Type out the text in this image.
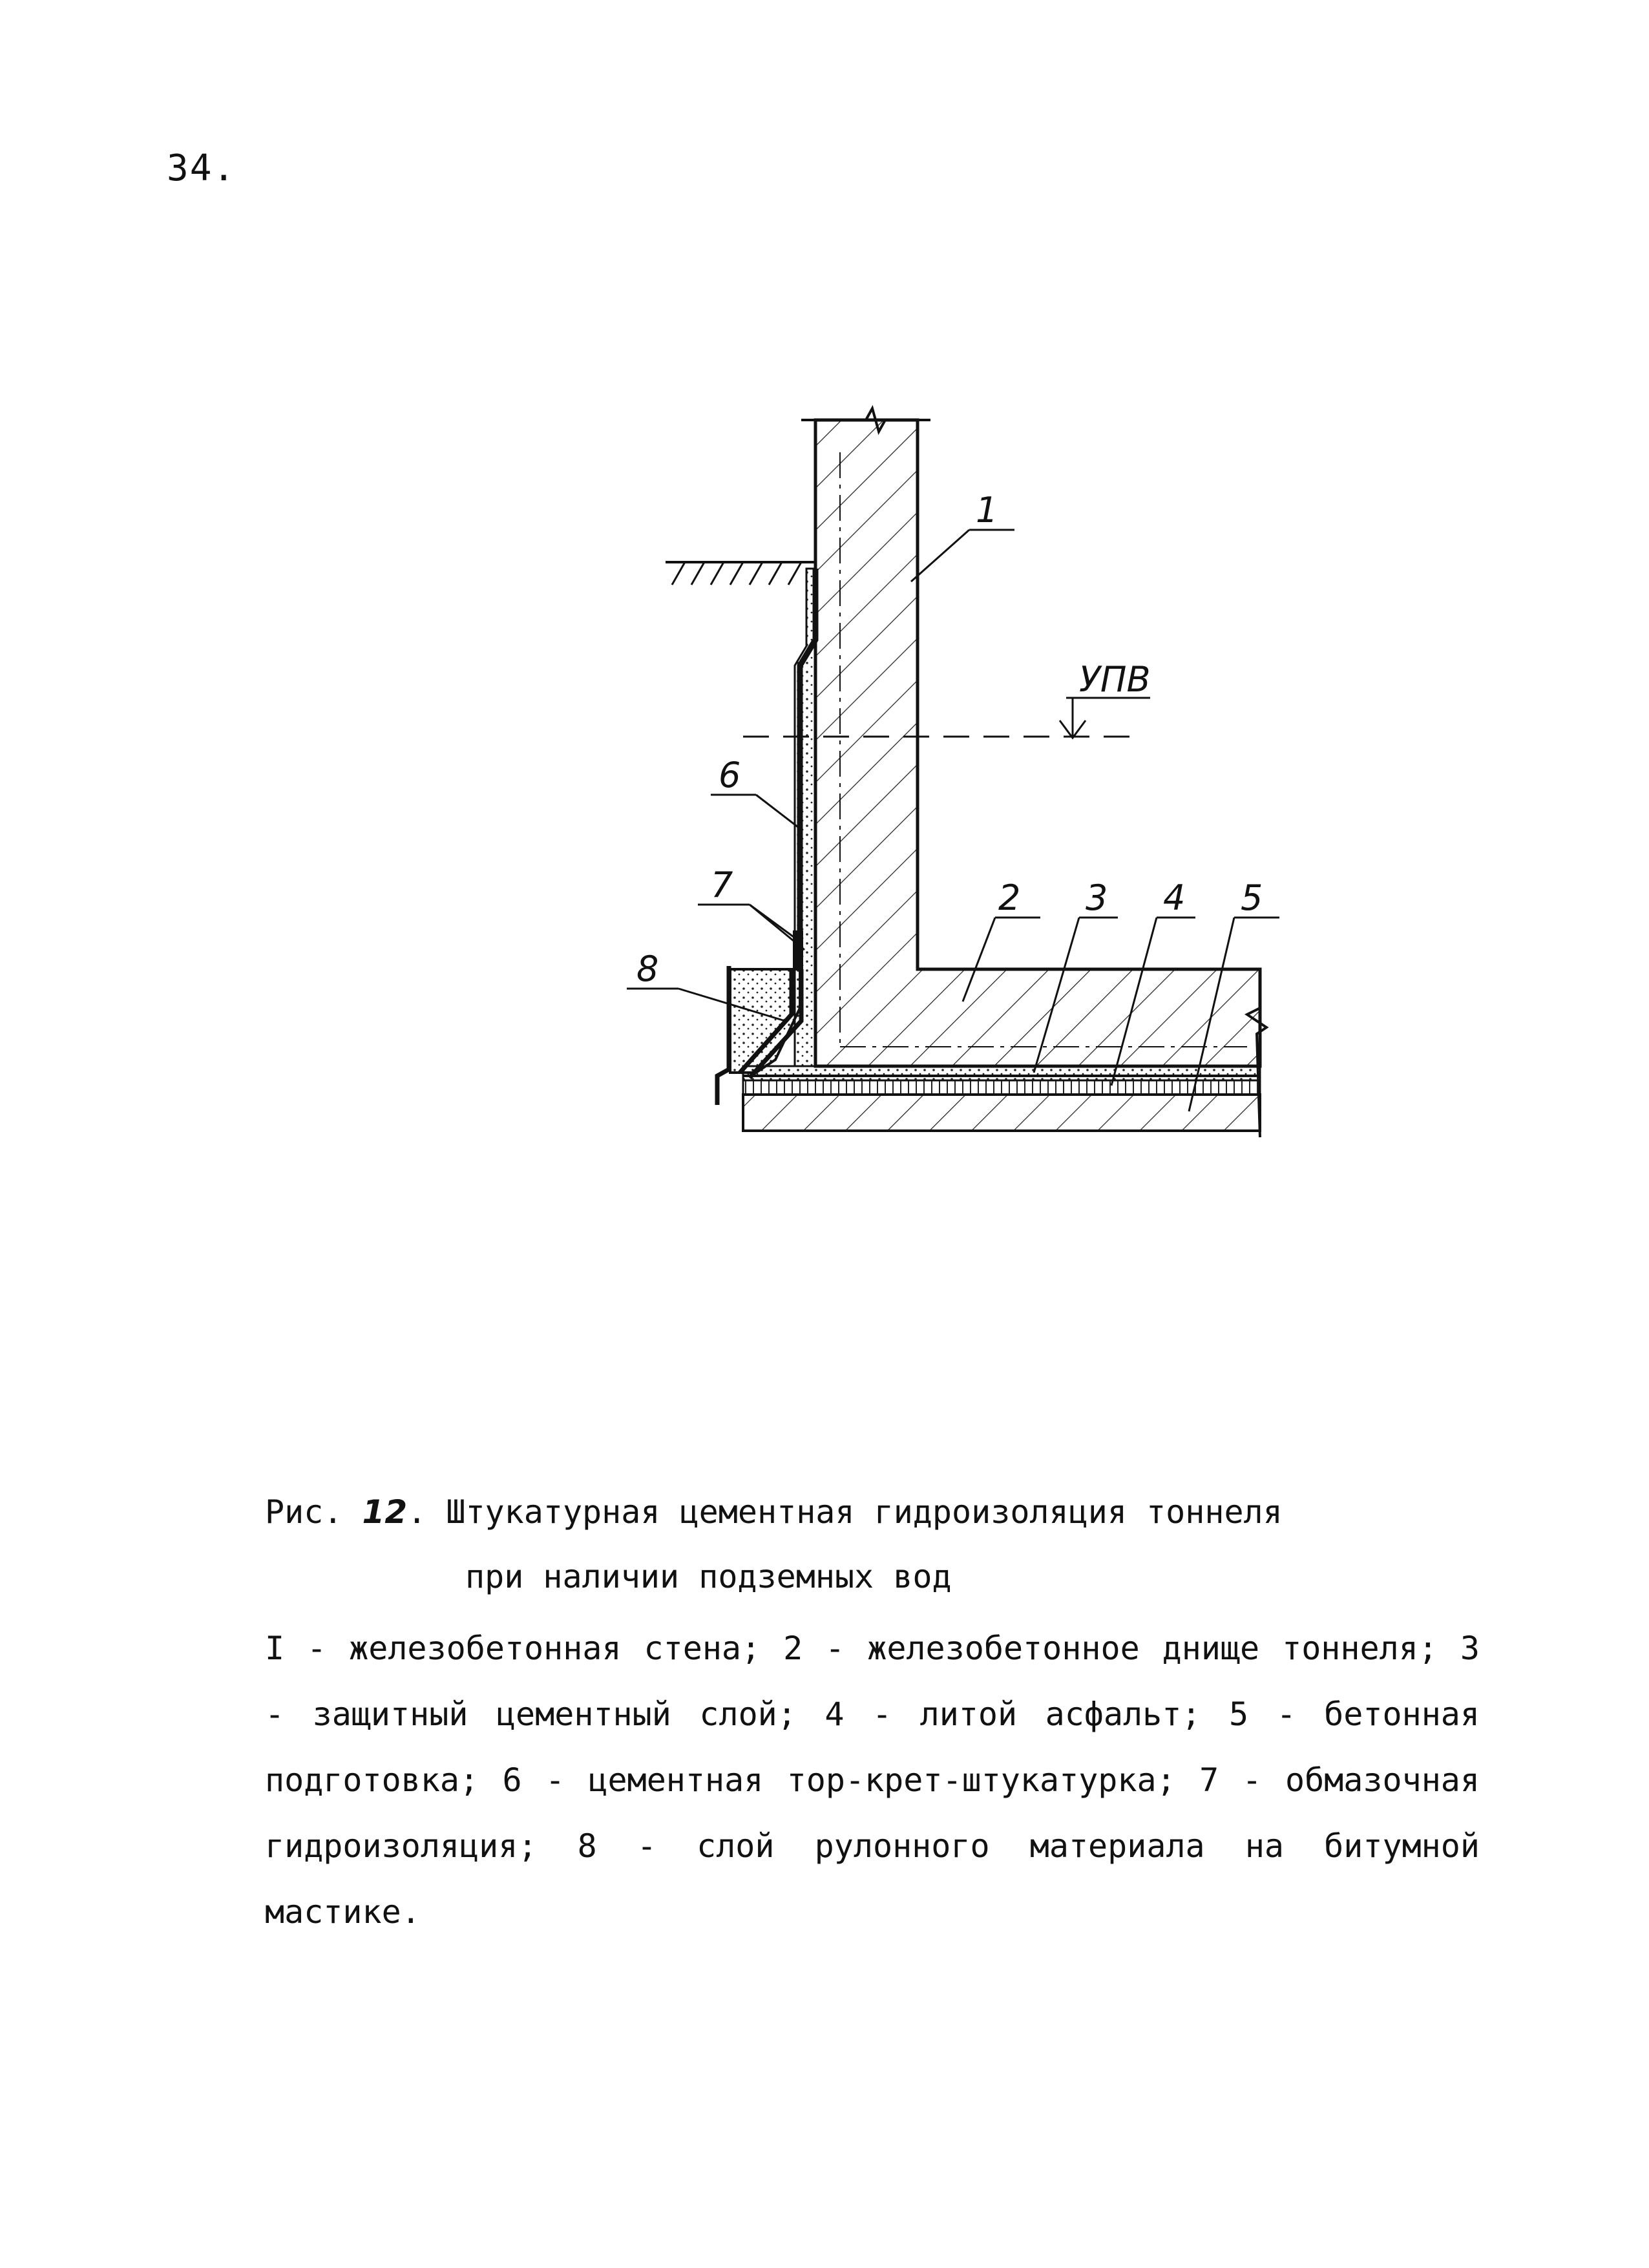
34.
УПВ
1
6
7
8
2 3 4 5
Рис. 12. Штукатурная цементная гидроизоляция тоннеля
при наличии подземных вод
I - железобетонная стена; 2 - железобетонное днище тоннеля; 3 - защитный цементный слой; 4 - литой асфальт; 5 - бетонная подготовка; 6 - цементная тор-крет-штукатурка; 7 - обмазочная гидроизоляция; 8 - слой рулонного материала на битумной мастике.
